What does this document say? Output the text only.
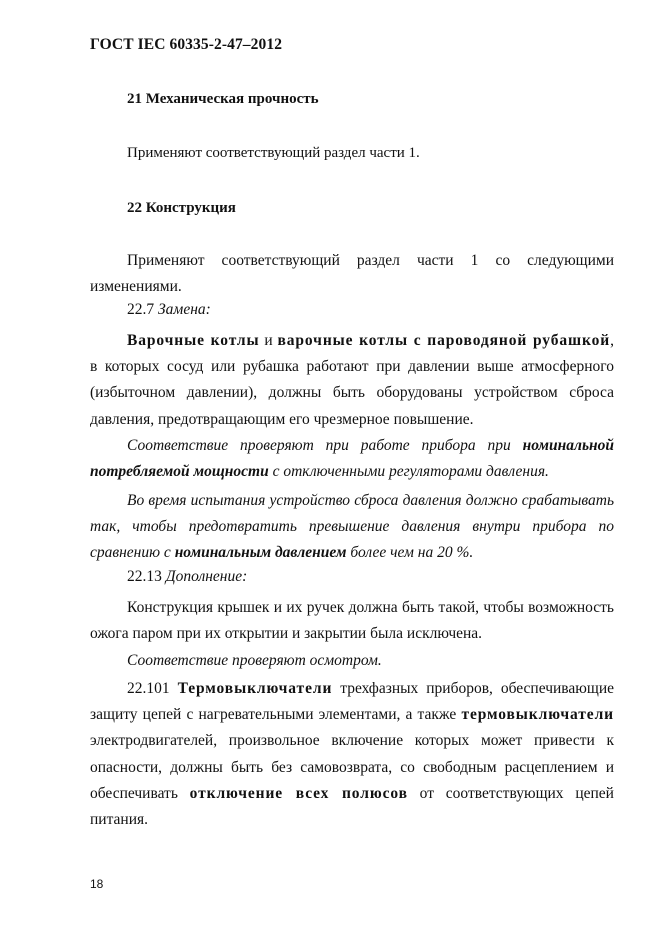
ГОСТ IEC 60335-2-47–2012
21 Механическая прочность
Применяют соответствующий раздел части 1.
22 Конструкция
Применяют соответствующий раздел части 1 со следующими изменениями.
22.7 Замена:
Варочные котлы и варочные котлы с пароводяной рубашкой, в которых сосуд или рубашка работают при давлении выше атмосферного (избыточном давлении), должны быть оборудованы устройством сброса давления, предотвращающим его чрезмерное повышение.
Соответствие проверяют при работе прибора при номинальной потребляемой мощности с отключенными регуляторами давления.
Во время испытания устройство сброса давления должно срабатывать так, чтобы предотвратить превышение давления внутри прибора по сравнению с номинальным давлением более чем на 20 %.
22.13 Дополнение:
Конструкция крышек и их ручек должна быть такой, чтобы возможность ожога паром при их открытии и закрытии была исключена.
Соответствие проверяют осмотром.
22.101 Термовыключатели трехфазных приборов, обеспечивающие защиту цепей с нагревательными элементами, а также термовыключатели электродвигателей, произвольное включение которых может привести к опасности, должны быть без самовозврата, со свободным расцеплением и обеспечивать отключение всех полюсов от соответствующих цепей питания.
18
